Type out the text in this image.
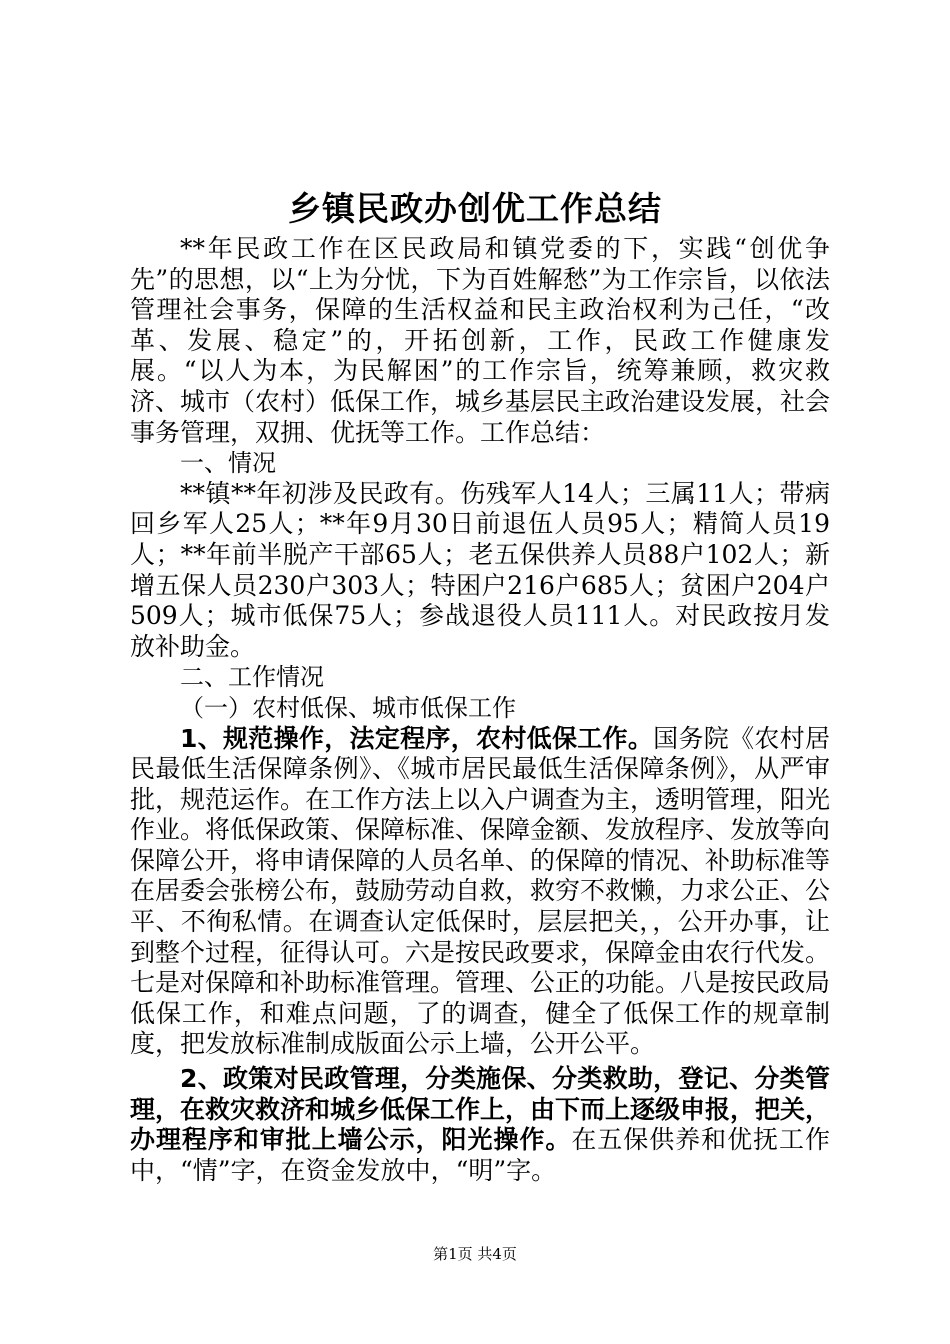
乡镇民政办创优工作总结

**年民政工作在区民政局和镇党委的下，实践“创优争先”的思想，以“上为分忧，下为百姓解愁”为工作宗旨，以依法管理社会事务，保障的生活权益和民主政治权利为己任，“改革、发展、稳定”的，开拓创新，工作，民政工作健康发展。“以人为本，为民解困”的工作宗旨，统筹兼顾，救灾救济、城市（农村）低保工作，城乡基层民主政治建设发展，社会事务管理，双拥、优抚等工作。工作总结：

一、情况

**镇**年初涉及民政有。伤残军人14人；三属11人；带病回乡军人25人；**年9月30日前退伍人员95人；精简人员19人；**年前半脱产干部65人；老五保供养人员88户102人；新增五保人员230户303人；特困户216户685人；贫困户204户509人；城市低保75人；参战退役人员111人。对民政按月发放补助金。

二、工作情况

（一）农村低保、城市低保工作

1、规范操作，法定程序，农村低保工作。国务院《农村居民最低生活保障条例》、《城市居民最低生活保障条例》，从严审批，规范运作。在工作方法上以入户调查为主，透明管理，阳光作业。将低保政策、保障标准、保障金额、发放程序、发放等向保障公开，将申请保障的人员名单、的保障的情况、补助标准等在居委会张榜公布，鼓励劳动自救，救穷不救懒，力求公正、公平、不徇私情。在调查认定低保时，层层把关，，公开办事，让到整个过程，征得认可。六是按民政要求，保障金由农行代发。七是对保障和补助标准管理。管理、公正的功能。八是按民政局低保工作，和难点问题，了的调查，健全了低保工作的规章制度，把发放标准制成版面公示上墙，公开公平。

2、政策对民政管理，分类施保、分类救助，登记、分类管理，在救灾救济和城乡低保工作上，由下而上逐级申报，把关，办理程序和审批上墙公示，阳光操作。在五保供养和优抚工作中，“情”字，在资金发放中，“明”字。

第1页 共4页
